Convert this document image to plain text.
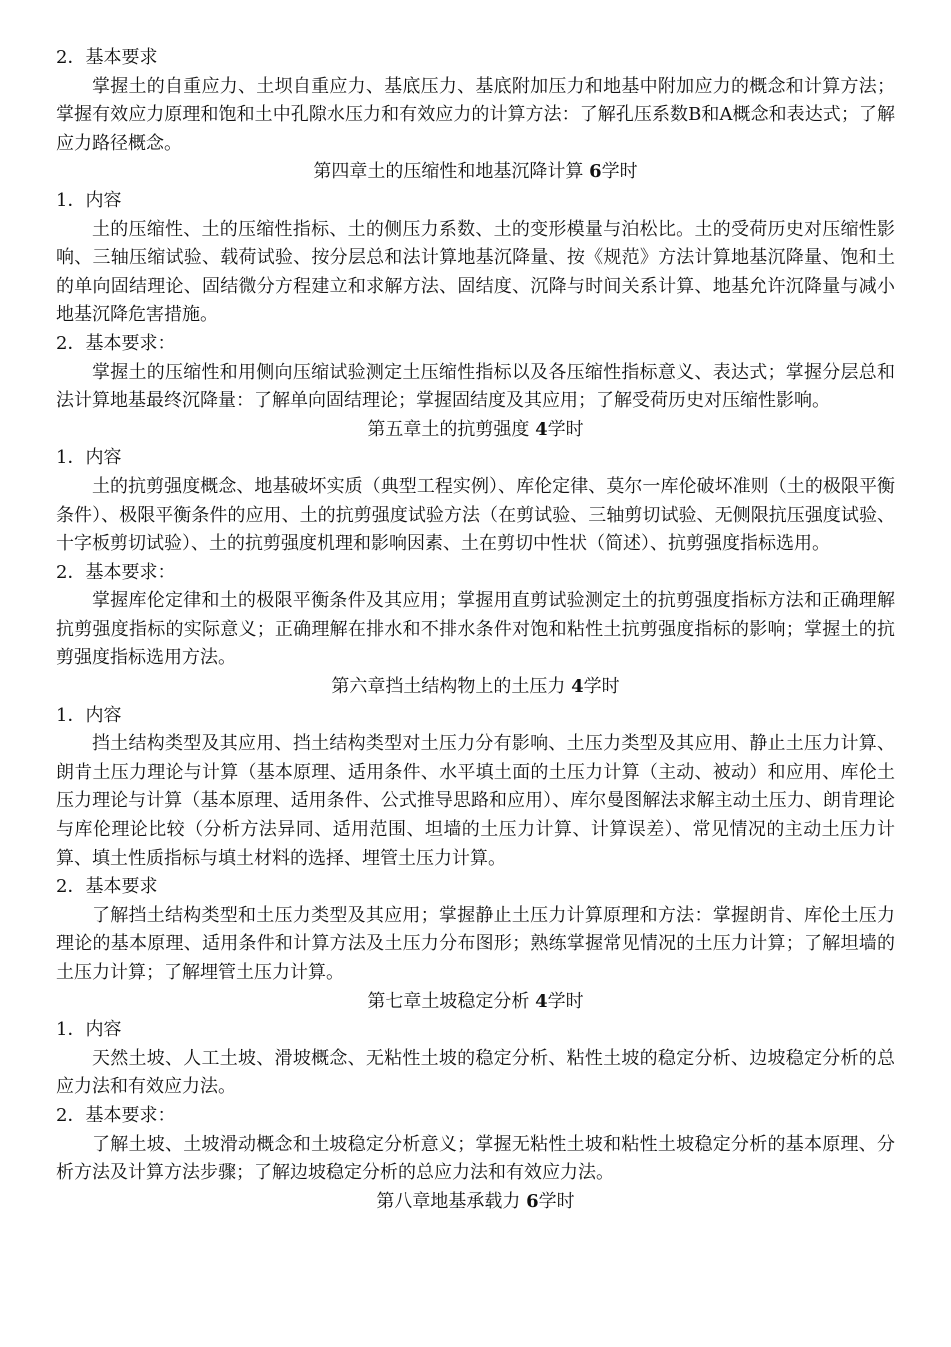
2．基本要求

掌握土的自重应力、土坝自重应力、基底压力、基底附加压力和地基中附加应力的概念和计算方法；掌握有效应力原理和饱和土中孔隙水压力和有效应力的计算方法：了解孔压系数B和A概念和表达式；了解应力路径概念。

第四章土的压缩性和地基沉降计算 6学时

1．内容

土的压缩性、土的压缩性指标、土的侧压力系数、土的变形模量与泊松比。土的受荷历史对压缩性影响、三轴压缩试验、载荷试验、按分层总和法计算地基沉降量、按《规范》方法计算地基沉降量、饱和土的单向固结理论、固结微分方程建立和求解方法、固结度、沉降与时间关系计算、地基允许沉降量与减小地基沉降危害措施。

2．基本要求：

掌握土的压缩性和用侧向压缩试验测定土压缩性指标以及各压缩性指标意义、表达式；掌握分层总和法计算地基最终沉降量：了解单向固结理论；掌握固结度及其应用；了解受荷历史对压缩性影响。

第五章土的抗剪强度 4学时

1．内容

土的抗剪强度概念、地基破坏实质（典型工程实例）、库伦定律、莫尔一库伦破坏准则（土的极限平衡条件）、极限平衡条件的应用、土的抗剪强度试验方法（在剪试验、三轴剪切试验、无侧限抗压强度试验、十字板剪切试验）、土的抗剪强度机理和影响因素、土在剪切中性状（简述）、抗剪强度指标选用。

2．基本要求：

掌握库伦定律和土的极限平衡条件及其应用；掌握用直剪试验测定土的抗剪强度指标方法和正确理解抗剪强度指标的实际意义；正确理解在排水和不排水条件对饱和粘性土抗剪强度指标的影响；掌握土的抗剪强度指标选用方法。

第六章挡土结构物上的土压力 4学时

1．内容

挡土结构类型及其应用、挡土结构类型对土压力分有影响、土压力类型及其应用、静止土压力计算、朗肯土压力理论与计算（基本原理、适用条件、水平填土面的土压力计算（主动、被动）和应用、库伦土压力理论与计算（基本原理、适用条件、公式推导思路和应用）、库尔曼图解法求解主动土压力、朗肯理论与库伦理论比较（分析方法异同、适用范围、坦墙的土压力计算、计算误差）、常见情况的主动土压力计算、填土性质指标与填土材料的选择、埋管土压力计算。

2．基本要求

了解挡土结构类型和土压力类型及其应用；掌握静止土压力计算原理和方法：掌握朗肯、库伦土压力理论的基本原理、适用条件和计算方法及土压力分布图形；熟练掌握常见情况的土压力计算；了解坦墙的土压力计算；了解埋管土压力计算。

第七章土坡稳定分析 4学时

1．内容

天然土坡、人工土坡、滑坡概念、无粘性土坡的稳定分析、粘性土坡的稳定分析、边坡稳定分析的总应力法和有效应力法。

2．基本要求：

了解土坡、土坡滑动概念和土坡稳定分析意义；掌握无粘性土坡和粘性土坡稳定分析的基本原理、分析方法及计算方法步骤；了解边坡稳定分析的总应力法和有效应力法。

第八章地基承载力 6学时
